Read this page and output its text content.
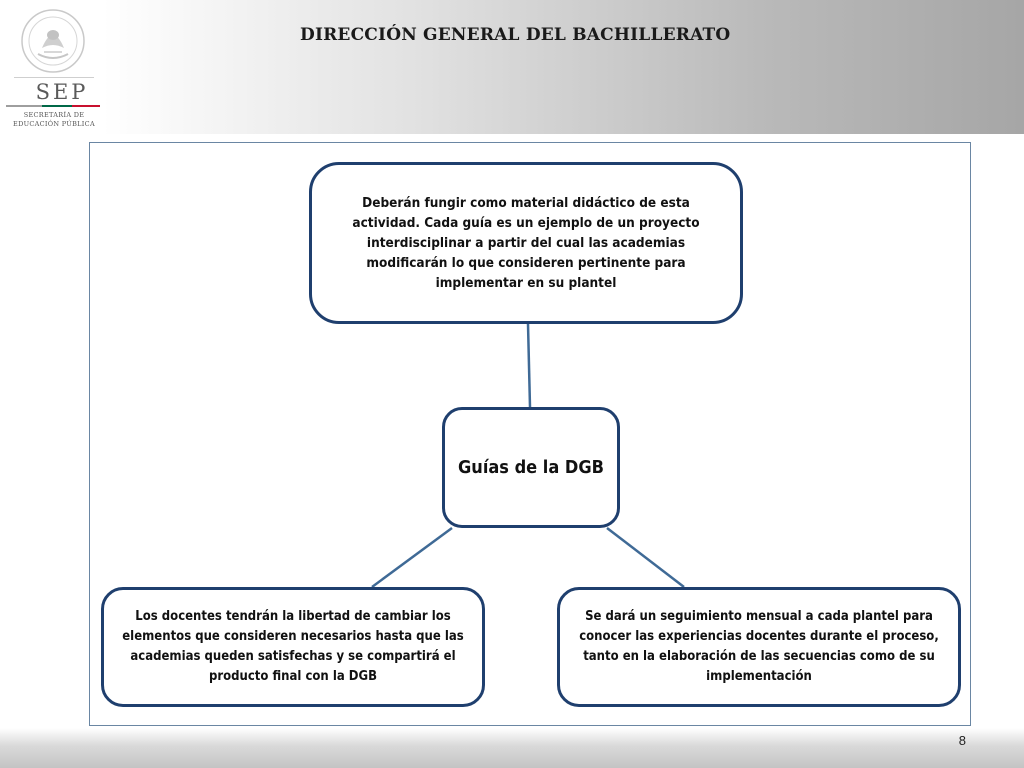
SEP
SECRETARÍA DE
EDUCACIÓN PÚBLICA
DIRECCIÓN GENERAL DEL BACHILLERATO
Deberán fungir como material didáctico de esta actividad. Cada guía es un ejemplo de un proyecto interdisciplinar a partir del cual las academias modificarán lo que consideren pertinente para implementar en su plantel
Guías de la DGB
Los docentes tendrán la libertad de cambiar los elementos que consideren necesarios hasta que las academias queden satisfechas y se compartirá el producto final con la DGB
Se dará un seguimiento mensual a cada plantel para conocer las experiencias docentes durante el proceso, tanto en la elaboración de las secuencias como de su implementación
8
